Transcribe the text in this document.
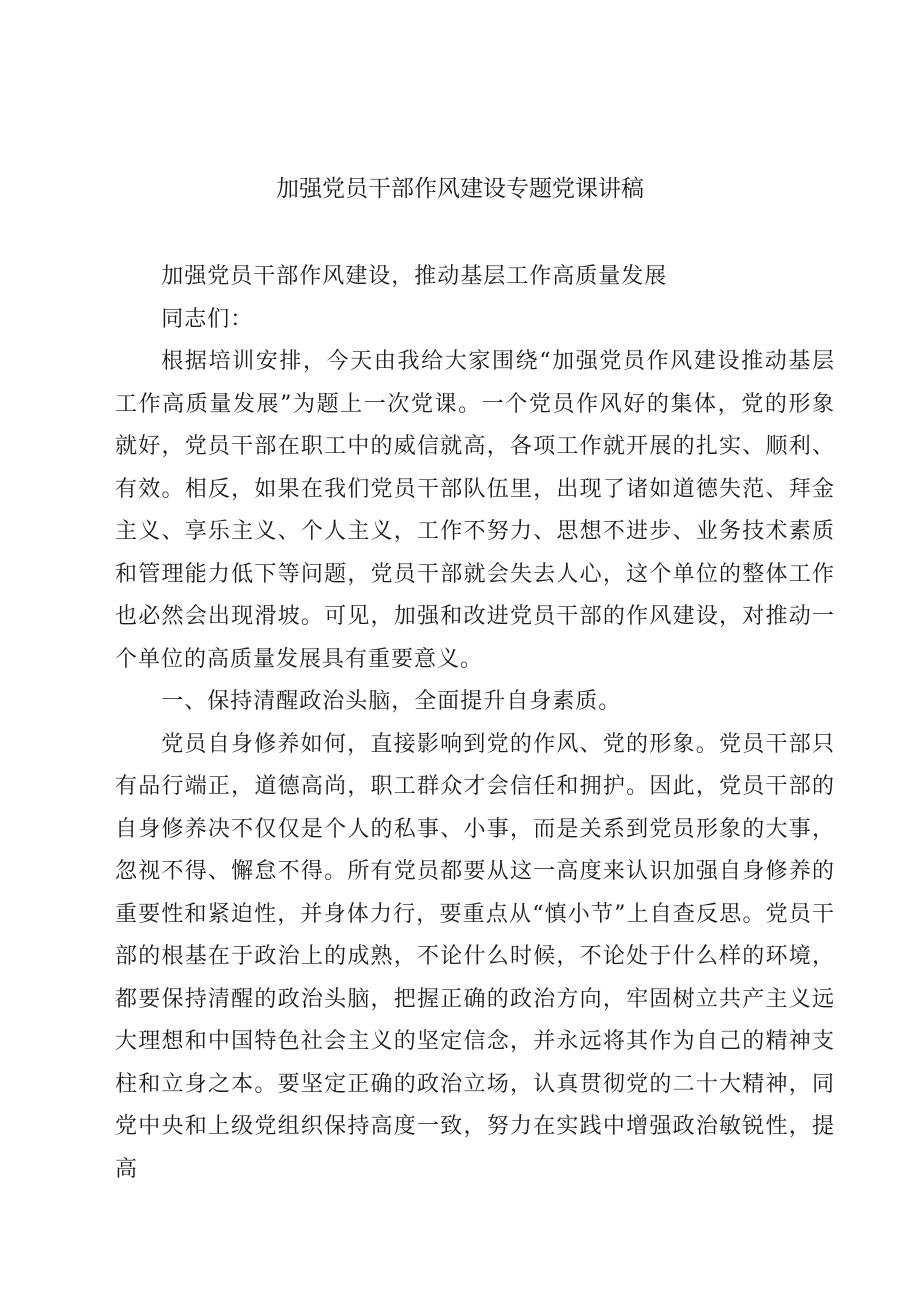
加强党员干部作风建设专题党课讲稿

加强党员干部作风建设，推动基层工作高质量发展

同志们：

根据培训安排，今天由我给大家围绕“加强党员作风建设推动基层工作高质量发展”为题上一次党课。一个党员作风好的集体，党的形象就好，党员干部在职工中的威信就高，各项工作就开展的扎实、顺利、有效。相反，如果在我们党员干部队伍里，出现了诸如道德失范、拜金主义、享乐主义、个人主义，工作不努力、思想不进步、业务技术素质和管理能力低下等问题，党员干部就会失去人心，这个单位的整体工作也必然会出现滑坡。可见，加强和改进党员干部的作风建设，对推动一个单位的高质量发展具有重要意义。

一、保持清醒政治头脑，全面提升自身素质。

党员自身修养如何，直接影响到党的作风、党的形象。党员干部只有品行端正，道德高尚，职工群众才会信任和拥护。因此，党员干部的自身修养决不仅仅是个人的私事、小事，而是关系到党员形象的大事，忽视不得、懈怠不得。所有党员都要从这一高度来认识加强自身修养的重要性和紧迫性，并身体力行，要重点从“慎小节”上自查反思。党员干部的根基在于政治上的成熟，不论什么时候，不论处于什么样的环境，都要保持清醒的政治头脑，把握正确的政治方向，牢固树立共产主义远大理想和中国特色社会主义的坚定信念，并永远将其作为自己的精神支柱和立身之本。要坚定正确的政治立场，认真贯彻党的二十大精神，同党中央和上级党组织保持高度一致，努力在实践中增强政治敏锐性，提高
